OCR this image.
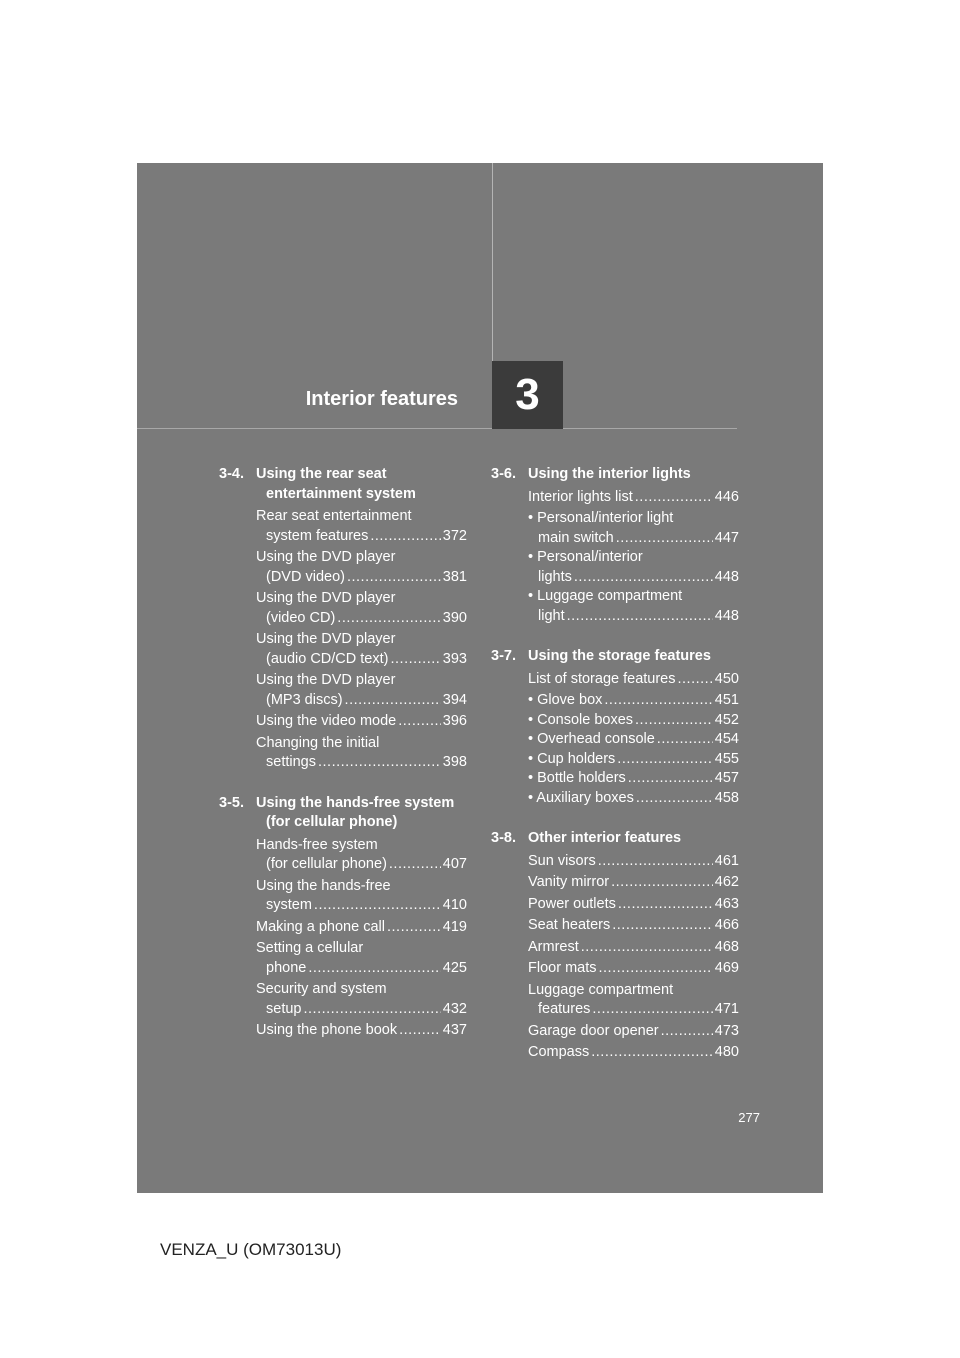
Interior features	3
3-4. Using the rear seat
entertainment system
Rear seat entertainment
system features .....	372
Using the DVD player
(DVD video) .....	381
Using the DVD player
(video CD) .....	390
Using the DVD player
(audio CD/CD text) .....	393
Using the DVD player
(MP3 discs) .....	394
Using the video mode .....	396
Changing the initial
settings .....	398
3-5. Using the hands-free system
(for cellular phone)
Hands-free system
(for cellular phone) .....	407
Using the hands-free
system .....	410
Making a phone call .....	419
Setting a cellular
phone .....	425
Security and system
setup .....	432
Using the phone book .....	437
3-6. Using the interior lights
Interior lights list .....	446
• Personal/interior light
main switch .....	447
• Personal/interior
lights .....	448
• Luggage compartment
light .....	448
3-7. Using the storage features
List of storage features .....	450
• Glove box .....	451
• Console boxes .....	452
• Overhead console .....	454
• Cup holders .....	455
• Bottle holders .....	457
• Auxiliary boxes .....	458
3-8. Other interior features
Sun visors .....	461
Vanity mirror .....	462
Power outlets .....	463
Seat heaters .....	466
Armrest .....	468
Floor mats .....	469
Luggage compartment
features .....	471
Garage door opener .....	473
Compass .....	480
277
VENZA_U (OM73013U)
